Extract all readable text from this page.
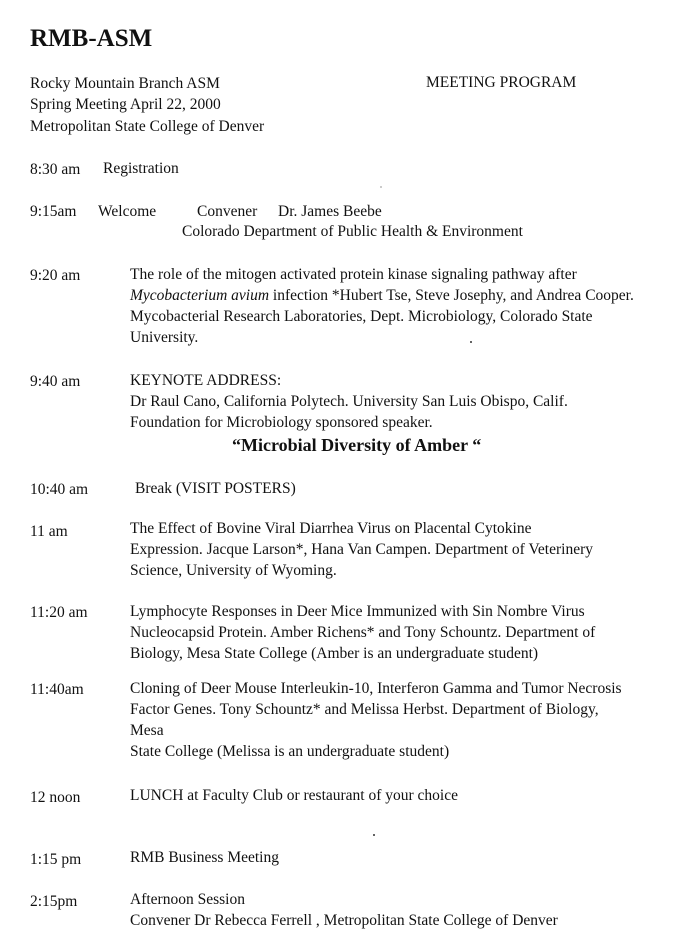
RMB-ASM
Rocky Mountain Branch ASM
Spring Meeting April 22, 2000
Metropolitan State College of Denver
MEETING PROGRAM
8:30 am Registration
9:15am Welcome	Convener Dr. James Beebe
Colorado Department of Public Health & Environment
9:20 am	The role of the mitogen activated protein kinase signaling pathway after
Mycobacterium avium infection *Hubert Tse, Steve Josephy, and Andrea Cooper.
Mycobacterial Research Laboratories, Dept. Microbiology, Colorado State
University.
9:40 am	KEYNOTE ADDRESS:
Dr Raul Cano, California Polytech. University San Luis Obispo, Calif.
Foundation for Microbiology sponsored speaker.
“Microbial Diversity of Amber “
10:40 am	Break (VISIT POSTERS)
11 am	The Effect of Bovine Viral Diarrhea Virus on Placental Cytokine
Expression. Jacque Larson*, Hana Van Campen. Department of Veterinery
Science, University of Wyoming.
11:20 am	Lymphocyte Responses in Deer Mice Immunized with Sin Nombre Virus
Nucleocapsid Protein. Amber Richens* and Tony Schountz. Department of
Biology, Mesa State College (Amber is an undergraduate student)
11:40am	Cloning of Deer Mouse Interleukin-10, Interferon Gamma and Tumor Necrosis
Factor Genes. Tony Schountz* and Melissa Herbst. Department of Biology,
Mesa
State College (Melissa is an undergraduate student)
12 noon	LUNCH at Faculty Club or restaurant of your choice
1:15 pm	RMB Business Meeting
2:15pm	Afternoon Session
Convener Dr Rebecca Ferrell , Metropolitan State College of Denver
